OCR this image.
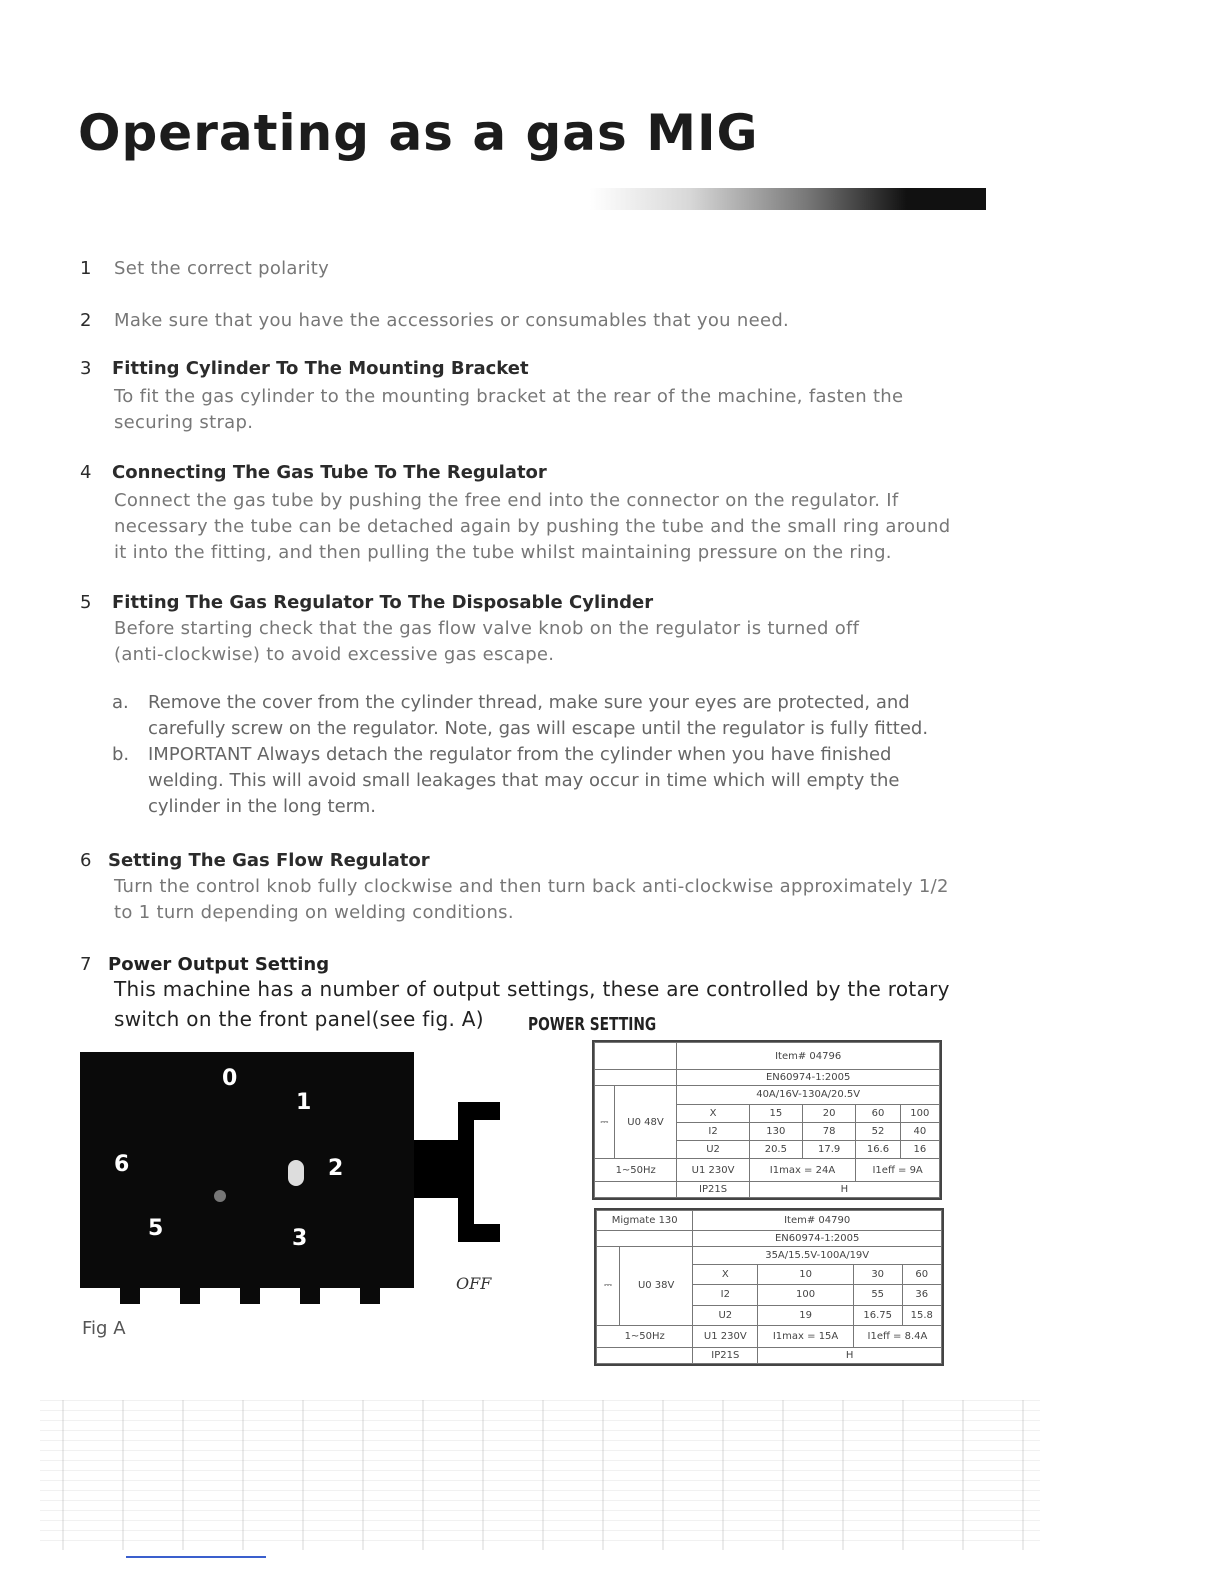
Operating as a gas MIG
1	Set the correct polarity
2	Make sure that you have the accessories or consumables that you need.
3	Fitting Cylinder To The Mounting Bracket
To fit the gas cylinder to the mounting bracket at the rear of the machine, fasten the
securing strap.
4	Connecting The Gas Tube To The Regulator
Connect the gas tube by pushing the free end into the connector on the regulator. If
necessary the tube can be detached again by pushing the tube and the small ring around
it into the fitting, and then pulling the tube whilst maintaining pressure on the ring.
5	Fitting The Gas Regulator To The Disposable Cylinder
Before starting check that the gas flow valve knob on the regulator is turned off
(anti-clockwise) to avoid excessive gas escape.
a.	Remove the cover from the cylinder thread, make sure your eyes are protected, and
carefully screw on the regulator. Note, gas will escape until the regulator is fully fitted.
b.	IMPORTANT Always detach the regulator from the cylinder when you have finished
welding. This will avoid small leakages that may occur in time which will empty the
cylinder in the long term.
6 Setting The Gas Flow Regulator
Turn the control knob fully clockwise and then turn back anti-clockwise approximately 1/2
to 1 turn depending on welding conditions.
7 Power Output Setting
This machine has a number of output settings, these are controlled by the rotary
switch on the front panel(see fig. A) POWER SETTING
0
1
2
3
5
6
OFF
Fig A
		Item# 04796				
		EN60974-1:2005				
⎓	U0 48V	40A/16V-130A/20.5V				
		X	15	20	60	100
		I2	130	78	52	40
		U2	20.5	17.9	16.6	16
1~50Hz		U1 230V	I1max = 24A		I1eff = 9A	
		IP21S	H			
Migmate 130		Item# 04790			
		EN60974-1:2005			
⎓	U0 38V	35A/15.5V-100A/19V			
		X	10	30	60
		I2	100	55	36
		U2	19	16.75	15.8
1~50Hz		U1 230V	I1max = 15A	I1eff = 8.4A	
		IP21S	H		
